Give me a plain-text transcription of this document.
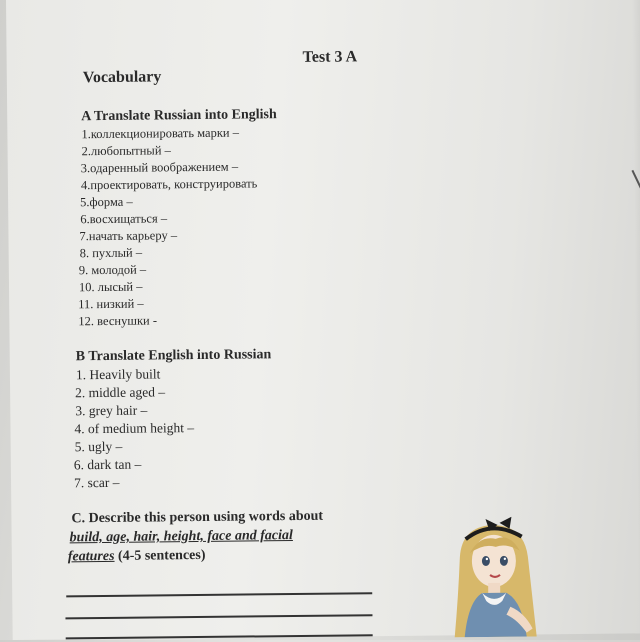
Test 3 A
Vocabulary
A Translate Russian into English
1.коллекционировать марки –
2.любопытный –
3.одаренный воображением –
4.проектировать, конструировать
5.форма –
6.восхищаться –
7.начать карьеру –
8. пухлый –
9. молодой –
10. лысый –
11. низкий –
12. веснушки -
B Translate English into Russian
1. Heavily built
2. middle aged –
3. grey hair –
4. of medium height –
5. ugly –
6. dark tan –
7. scar –
C. Describe this person using words about
build, age, hair, height, face and facial
features (4-5 sentences)
